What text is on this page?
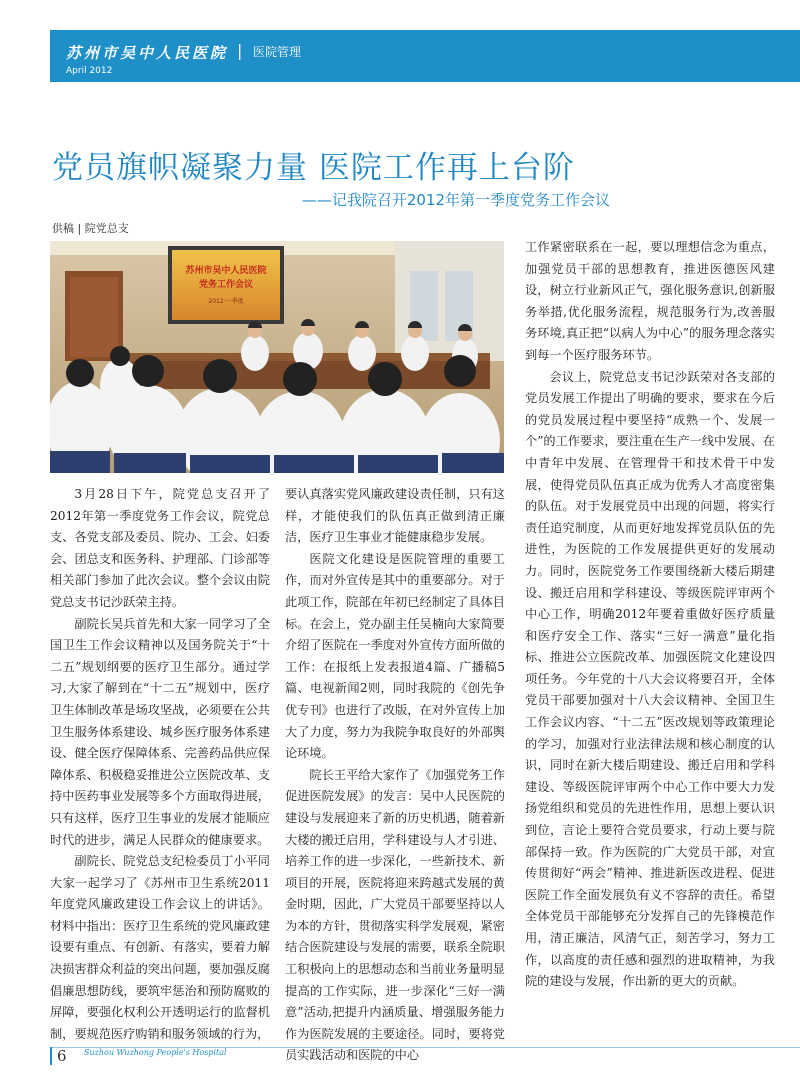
苏州市吴中人民医院 | 医院管理
April 2012
党员旗帜凝聚力量 医院工作再上台阶
——记我院召开2012年第一季度党务工作会议
供稿 | 院党总支
苏州市吴中人民医院
党务工作会议
2012·一季度

3月28日下午，院党总支召开了2012年第一季度党务工作会议，院党总支、各党支部及委员、院办、工会、妇委会、团总支和医务科、护理部、门诊部等相关部门参加了此次会议。整个会议由院党总支书记沙跃荣主持。

副院长吴兵首先和大家一同学习了全国卫生工作会议精神以及国务院关于“十二五”规划纲要的医疗卫生部分。通过学习,大家了解到在“十二五”规划中，医疗卫生体制改革是场攻坚战，必须要在公共卫生服务体系建设、城乡医疗服务体系建设、健全医疗保障体系、完善药品供应保障体系、积极稳妥推进公立医院改革、支持中医药事业发展等多个方面取得进展，只有这样，医疗卫生事业的发展才能顺应时代的进步，满足人民群众的健康要求。

副院长、院党总支纪检委员丁小平同大家一起学习了《苏州市卫生系统2011年度党风廉政建设工作会议上的讲话》。材料中指出：医疗卫生系统的党风廉政建设要有重点、有创新、有落实，要着力解决损害群众利益的突出问题，要加强反腐倡廉思想防线，要筑牢惩治和预防腐败的屏障，要强化权利公开透明运行的监督机制，要规范医疗购销和服务领域的行为，

要认真落实党风廉政建设责任制，只有这样，才能使我们的队伍真正做到清正廉洁，医疗卫生事业才能健康稳步发展。

医院文化建设是医院管理的重要工作，而对外宣传是其中的重要部分。对于此项工作，院部在年初已经制定了具体目标。在会上，党办副主任吴楠向大家简要介绍了医院在一季度对外宣传方面所做的工作：在报纸上发表报道4篇、广播稿5篇、电视新闻2则，同时我院的《创先争优专刊》也进行了改版，在对外宣传上加大了力度，努力为我院争取良好的外部舆论环境。

院长王平给大家作了《加强党务工作 促进医院发展》的发言：吴中人民医院的建设与发展迎来了新的历史机遇，随着新大楼的搬迁启用，学科建设与人才引进、培养工作的进一步深化，一些新技术、新项目的开展，医院将迎来跨越式发展的黄金时期，因此，广大党员干部要坚持以人为本的方针，贯彻落实科学发展观，紧密结合医院建设与发展的需要，联系全院职工积极向上的思想动态和当前业务量明显提高的工作实际，进一步深化“三好一满意”活动,把提升内涵质量、增强服务能力作为医院发展的主要途径。同时，要将党员实践活动和医院的中心

工作紧密联系在一起，要以理想信念为重点，加强党员干部的思想教育，推进医德医风建设，树立行业新风正气，强化服务意识,创新服务举措,优化服务流程，规范服务行为,改善服务环境,真正把“以病人为中心”的服务理念落实到每一个医疗服务环节。

会议上，院党总支书记沙跃荣对各支部的党员发展工作提出了明确的要求，要求在今后的党员发展过程中要坚持“成熟一个、发展一个”的工作要求，要注重在生产一线中发展、在中青年中发展、在管理骨干和技术骨干中发展，使得党员队伍真正成为优秀人才高度密集的队伍。对于发展党员中出现的问题，将实行责任追究制度，从而更好地发挥党员队伍的先进性，为医院的工作发展提供更好的发展动力。同时，医院党务工作要围绕新大楼后期建设、搬迁启用和学科建设、等级医院评审两个中心工作，明确2012年要着重做好医疗质量和医疗安全工作、落实“三好一满意”量化指标、推进公立医院改革、加强医院文化建设四项任务。今年党的十八大会议将要召开，全体党员干部要加强对十八大会议精神、全国卫生工作会议内容、“十二五”医改规划等政策理论的学习，加强对行业法律法规和核心制度的认识，同时在新大楼后期建设、搬迁启用和学科建设、等级医院评审两个中心工作中要大力发扬党组织和党员的先进性作用，思想上要认识到位，言论上要符合党员要求，行动上要与院部保持一致。作为医院的广大党员干部，对宣传贯彻好“两会”精神、推进新医改进程、促进医院工作全面发展负有义不容辞的责任。希望全体党员干部能够充分发挥自己的先锋模范作用，清正廉洁，风清气正，刻苦学习，努力工作，以高度的责任感和强烈的进取精神，为我院的建设与发展，作出新的更大的贡献。

6 Suzhou Wuzhong People's Hospital
